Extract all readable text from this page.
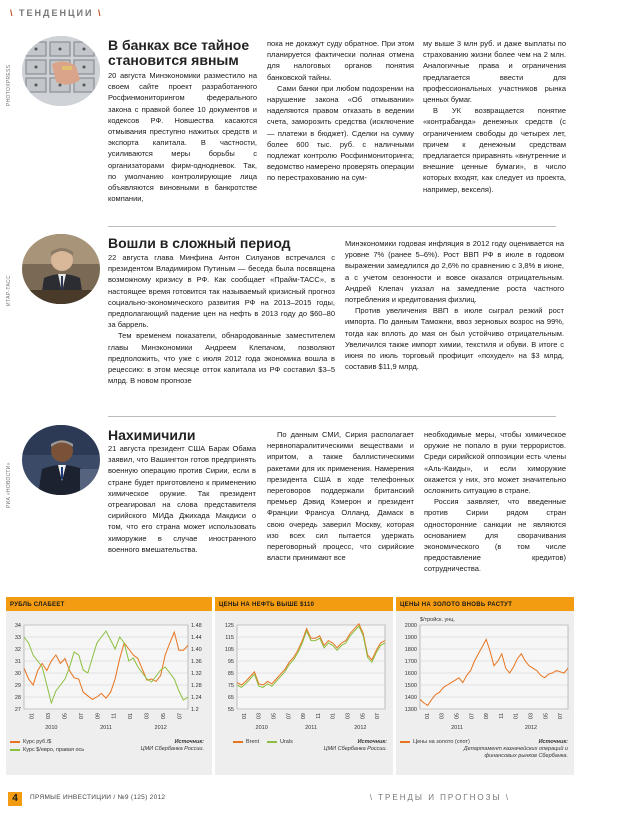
\ ТЕНДЕНЦИИ \
PHOTOXPRESS
В банках все тайное становится явным

20 августа Минэкономики разместило на своем сайте проект разработанного Росфинмониторингом федерального закона с правкой более 10 документов и кодексов РФ. Новшества касаются отмывания преступно нажитых средств и экспорта капитала. В частности, усиливаются меры борьбы с организаторами фирм-однодневок. Так, по умолчанию контролирующие лица объявляются виновными в банкротстве компании,

пока не докажут суду обратное. При этом планируется фактически полная отмена для налоговых органов понятия банковской тайны.

Сами банки при любом подозрении на нарушение закона «Об отмывании» наделяются правом отказать в ведении счета, заморозить средства (исключение — платежи в бюджет). Сделки на сумму более 600 тыс. руб. с наличными подлежат контролю Росфинмониторинга; ведомство намерено проверять операции по перестрахованию на сум-

му выше 3 млн руб. и даже выплаты по страхованию жизни более чем на 2 млн. Аналогичные права и ограничения предлагается ввести для профессиональных участников рынка ценных бумаг.

В УК возвращается понятие «контрабанда» денежных средств (с ограничением свободы до четырех лет, причем к денежным средствам предлагается приравнять «внутренние и внешние ценные бумаги», в число которых входят, как следует из проекта, например, векселя).

ИТАР-ТАСС
Вошли в сложный период

22 августа глава Минфина Антон Силуанов встречался с президентом Владимиром Путиным — беседа была посвящена возможному кризису в РФ. Как сообщает «Прайм-ТАСС», в настоящее время готовится так называемый кризисный прогноз социально-экономического развития РФ на 2013–2015 годы, предполагающий падение цен на нефть в 2013 году до $60–80 за баррель.

Тем временем показатели, обнародованные заместителем главы Минэкономики Андреем Клепачом, позволяют предположить, что уже с июля 2012 года экономика вошла в рецессию: в этом месяце отток капитала из РФ составил $3–5 млрд. В новом прогнозе

Минэкономики годовая инфляция в 2012 году оценивается на уровне 7% (ранее 5–6%). Рост ВВП РФ в июле в годовом выражении замедлился до 2,6% по сравнению с 3,8% в июне, а с учетом сезонности и вовсе оказался отрицательным. Андрей Клепач указал на замедление роста частного потребления и кредитования физлиц.

Против увеличения ВВП в июле сыграл резкий рост импорта. По данным Таможни, ввоз зерновых возрос на 99%, тогда как вплоть до мая он был устойчиво отрицательным. Увеличился также импорт химии, текстиля и обуви. В итоге с июня по июль торговый профицит «похудел» на $3 млрд, составив $11,9 млрд.

РИА «НОВОСТИ»
Нахимичили

21 августа президент США Барак Обама заявил, что Вашингтон готов предпринять военную операцию против Сирии, если в стране будет приготовлено к применению химическое оружие. Так президент отреагировал на слова представителя сирийского МИДа Джихада Макдиси о том, что его страна может использовать химоружие в случае иностранного военного вмешательства.

По данным СМИ, Сирия располагает нервнопаралитическими веществами и ипритом, а также баллистическими ракетами для их применения. Намерения президента США в ходе телефонных переговоров поддержали британский премьер Дэвид Кэмерон и президент Франции Франсуа Олланд. Дамаск в свою очередь заверил Москву, которая изо всех сил пытается удержать переговорный процесс, что сирийские власти принимают все

необходимые меры, чтобы химическое оружие не попало в руки террористов. Среди сирийской оппозиции есть члены «Аль-Каиды», и если химоружие окажется у них, это может значительно осложнить ситуацию в стране.

Россия заявляет, что введенные против Сирии рядом стран односторонние санкции не являются основанием для сворачивания экономического (в том числе предоставление кредитов) сотрудничества.

РУБЛЬ СЛАБЕЕТ
34
33
32
31
30
29
28
27
1.48
1.44
1.40
1.36
1.32
1.28
1.24
1.2
01 03 05 07 09 11 01 03 05 07
2010	2011	2012
Курс руб./$
Курс $/евро, правая ось
Источник:
ЦМИ Сбербанка России.
ЦЕНЫ НА НЕФТЬ ВЫШЕ $110
125
115
105
95
85
75
65
55
01 03 05 07 09 11 01 03 05 07
2010	2011	2012
Brent	Urals	Источник:
ЦМИ Сбербанка России.
ЦЕНЫ НА ЗОЛОТО ВНОВЬ РАСТУТ
2000
1900
1800
1700
1600
1500
1400
1300
$/тройск. унц.
01 03 05 07 09 11 01 03 05 07
2011	2012
Цены на золото (спот)	Источник:
Департамент казначейских операций и финансовых рынков Сбербанка.
4	ПРЯМЫЕ ИНВЕСТИЦИИ / №9 (125) 2012	\ ТРЕНДЫ И ПРОГНОЗЫ \
